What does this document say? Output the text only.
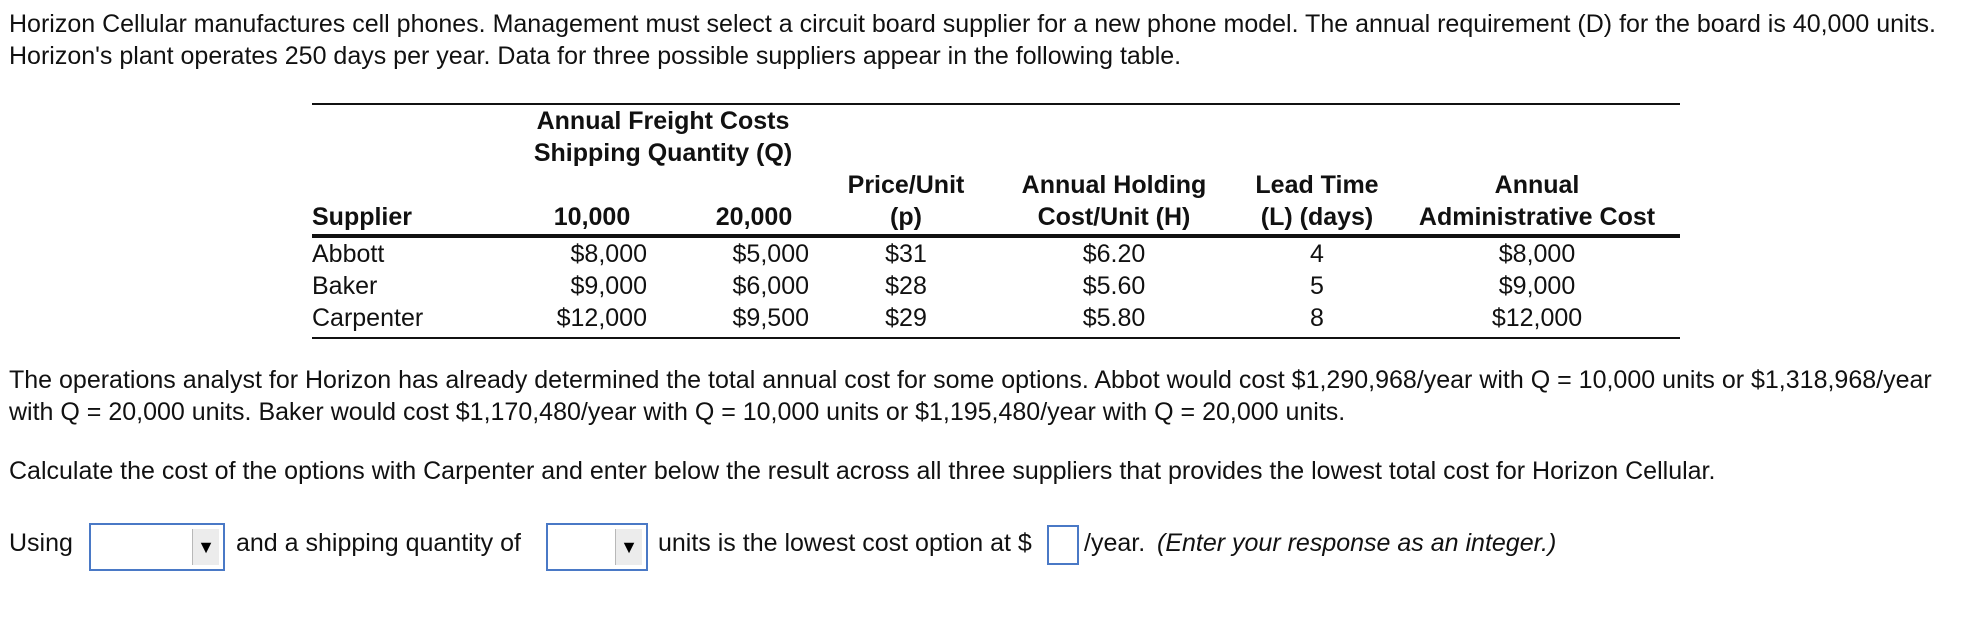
Horizon Cellular manufactures cell phones. Management must select a circuit board supplier for a new phone model. The annual requirement (D) for the board is 40,000 units. Horizon's plant operates 250 days per year. Data for three possible suppliers appear in the following table.

Annual Freight Costs
Shipping Quantity (Q)
Price/Unit	Annual Holding	Lead Time	Annual
Supplier	10,000	20,000	(p)	Cost/Unit (H)	(L) (days)	Administrative Cost
Abbott	$8,000	$5,000	$31	$6.20	4	$8,000
Baker	$9,000	$6,000	$28	$5.60	5	$9,000
Carpenter	$12,000	$9,500	$29	$5.80	8	$12,000

The operations analyst for Horizon has already determined the total annual cost for some options. Abbot would cost $1,290,968/year with Q = 10,000 units or $1,318,968/year with Q = 20,000 units. Baker would cost $1,170,480/year with Q = 10,000 units or $1,195,480/year with Q = 20,000 units.

Calculate the cost of the options with Carpenter and enter below the result across all three suppliers that provides the lowest total cost for Horizon Cellular.

Using	▼ and a shipping quantity of	▼ units is the lowest cost option at $ /year. (Enter your response as an integer.)
